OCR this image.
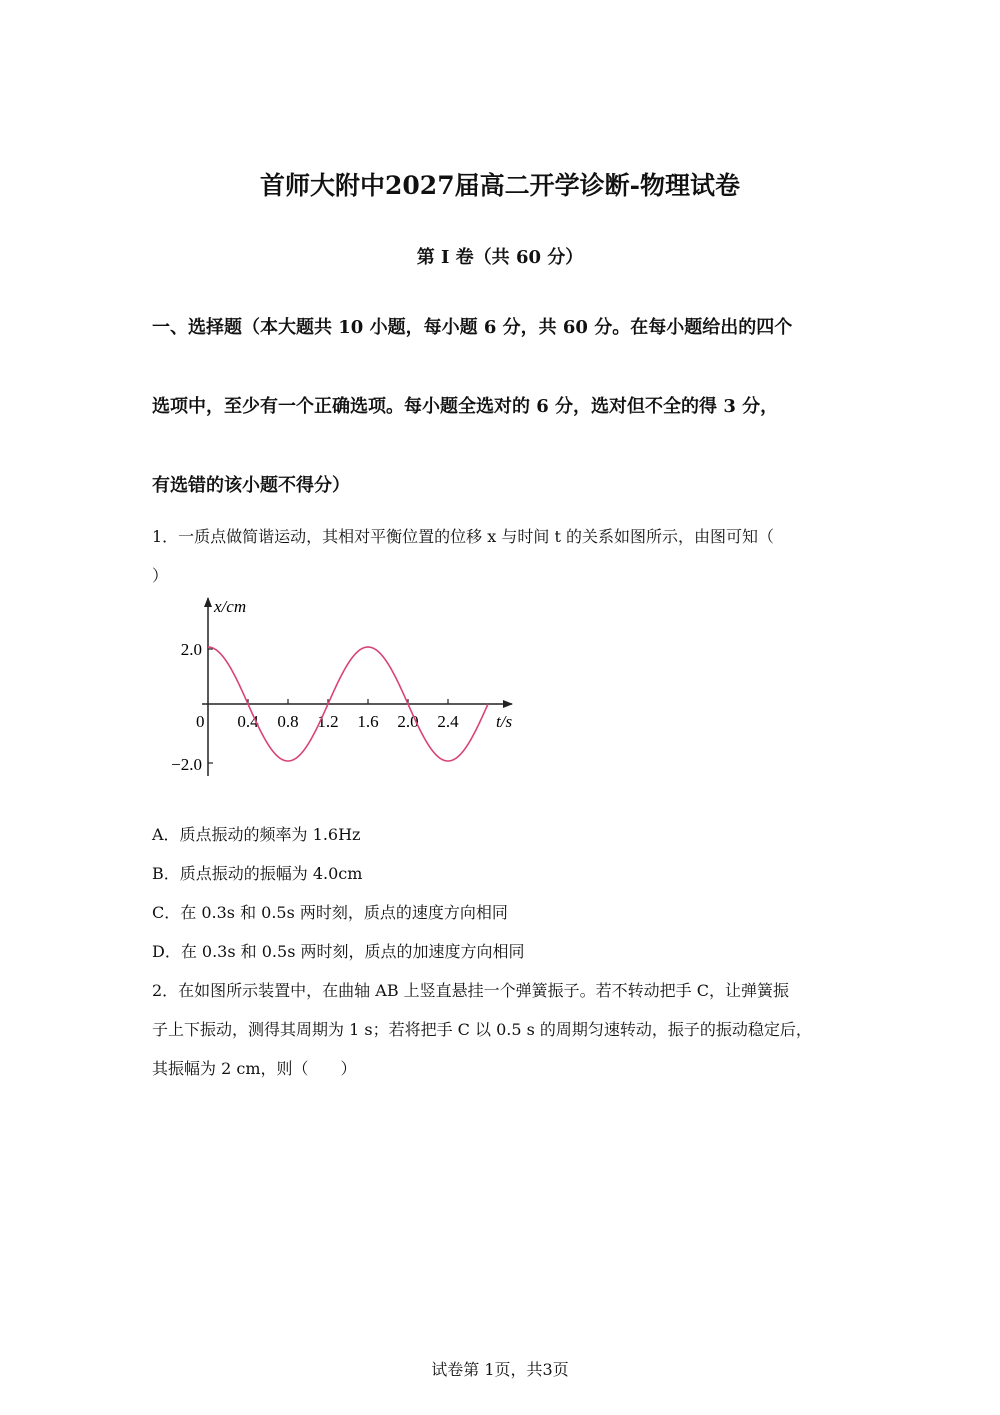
首师大附中2027届高二开学诊断-物理试卷
第 I 卷（共 60 分）
一、选择题（本大题共 10 小题，每小题 6 分，共 60 分。在每小题给出的四个
选项中，至少有一个正确选项。每小题全选对的 6 分，选对但不全的得 3 分，
有选错的该小题不得分）
1．一质点做简谐运动，其相对平衡位置的位移 x 与时间 t 的关系如图所示，由图可知（
）
x/cm
t/s
2.0
−2.0
0 0.4 0.8 1.2 1.6 2.0 2.4
A．质点振动的频率为 1.6Hz
B．质点振动的振幅为 4.0cm
C．在 0.3s 和 0.5s 两时刻，质点的速度方向相同
D．在 0.3s 和 0.5s 两时刻，质点的加速度方向相同
2．在如图所示装置中，在曲轴 AB 上竖直悬挂一个弹簧振子。若不转动把手 C，让弹簧振
子上下振动，测得其周期为 1 s；若将把手 C 以 0.5 s 的周期匀速转动，振子的振动稳定后，
其振幅为 2 cm，则（　　）
试卷第 1页，共3页
